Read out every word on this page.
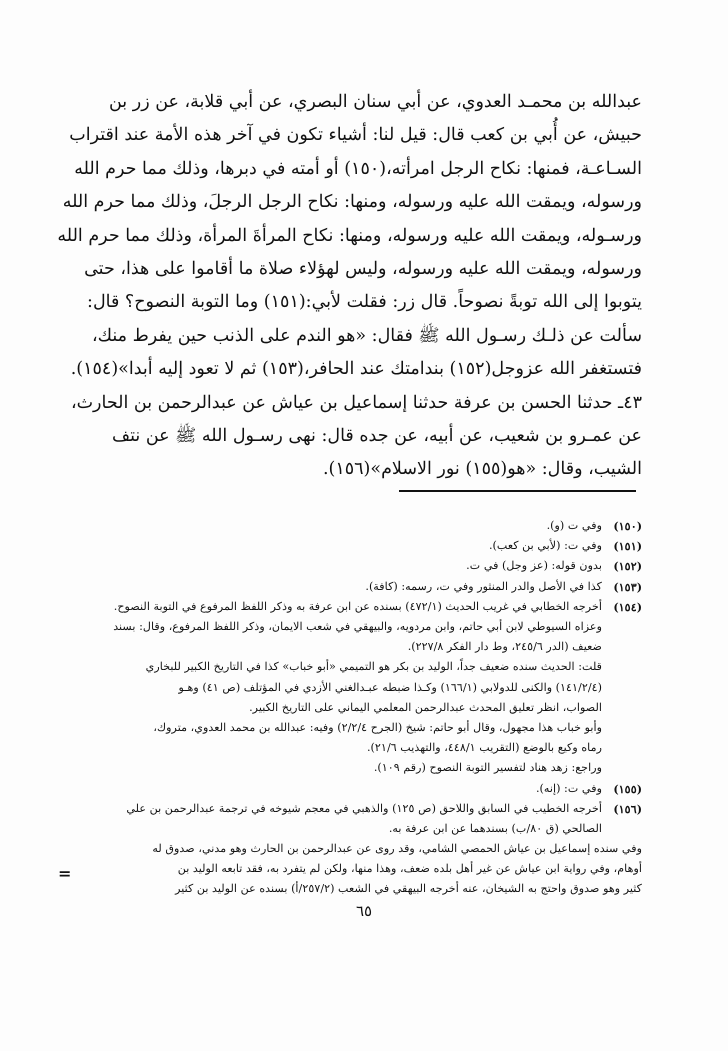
عبدالله بن محمـد العدوي، عن أبي سنان البصري، عن أبي قلابة، عن زر بن
حبيش، عن أُبي بن كعب قال: قيل لنا: أشياء تكون في آخر هذه الأمة عند اقتراب
السـاعـة، فمنها: نكاح الرجل امرأته،(١٥٠) أو أمته في دبرها، وذلك مما حرم الله
ورسوله، ويمقت الله عليه ورسوله، ومنها: نكاح الرجل الرجلَ، وذلك مما حرم الله
ورسـوله، ويمقت الله عليه ورسوله، ومنها: نكاح المرأةَ المرأة، وذلك مما حرم الله
ورسوله، ويمقت الله عليه ورسوله، وليس لهؤلاء صلاة ما أقاموا على هذا، حتى
يتوبوا إلى الله توبةً نصوحاً. قال زر: فقلت لأبي:(١٥١) وما التوبة النصوح؟ قال:
سألت عن ذلـك رسـول الله ﷺ فقال: «هو الندم على الذنب حين يفرط منك،
فتستغفر الله عزوجل(١٥٢) بندامتك عند الحافر،(١٥٣) ثم لا تعود إليه أبدا»(١٥٤).
٤٣ـ حدثنا الحسن بن عرفة حدثنا إسماعيل بن عياش عن عبدالرحمن بن الحارث،
عن عمـرو بن شعيب، عن أبيه، عن جده قال: نهى رسـول الله ﷺ عن نتف
الشيب، وقال: «هو(١٥٥) نور الاسلام»(١٥٦).
(١٥٠)
وفي ت (و).
(١٥١)
وفي ت: (لأبي بن كعب).
(١٥٢)
بدون قوله: (عز وجل) في ت.
(١٥٣)
كذا في الأصل والدر المنثور وفي ت، رسمه: (كافة).
(١٥٤)
أخرجه الخطابي في غريب الحديث (٤٧٢/١) بسنده عن ابن عرفة به وذكر اللفظ المرفوع في التوبة النصوح.
وعزاه السيوطي لابن أبي حاتم، وابن مردويه، والبيهقي في شعب الايمان، وذكر اللفظ المرفوع، وقال: بسند
ضعيف (الدر ٢٤٥/٦، وط دار الفكر ٢٢٧/٨).
قلت: الحديث سنده ضعيف جداً، الوليد بن بكر هو التميمي «أبو خباب» كذا في التاريخ الكبير للبخاري
(١٤١/٢/٤) والكنى للدولابي (١٦٦/١) وكـذا ضبطه عبـدالغني الأزدي في المؤتلف (ص ٤١) وهـو
الصواب، انظر تعليق المحدث عبدالرحمن المعلمي اليماني على التاريخ الكبير.
وأبو خباب هذا مجهول، وقال أبو حاتم: شيخ (الجرح ٢/٢/٤) وفيه: عبدالله بن محمد العدوي، متروك،
رماه وكيع بالوضع (التقريب ٤٤٨/١، والتهذيب ٢١/٦).
وراجع: زهد هناد لتفسير التوبة النصوح (رقم ١٠٩).
(١٥٥)
وفي ت: (إنه).
(١٥٦)
أخرجه الخطيب في السابق واللاحق (ص ١٢٥) والذهبي في معجم شيوخه في ترجمة عبدالرحمن بن علي
الصالحي (ق ٨٠/ب) بسندهما عن ابن عرفة به.
وفي سنده إسماعيل بن عياش الحمصي الشامي، وقد روى عن عبدالرحمن بن الحارث وهو مدني، صدوق له
أوهام، وفي رواية ابن عياش عن غير أهل بلده ضعف، وهذا منها، ولكن لم يتفرد به، فقد تابعه الوليد بن
كثير وهو صدوق واحتج به الشيخان، عنه أخرجه البيهقي في الشعب (٢٥٧/٢/أ) بسنده عن الوليد بن كثير
=
٦٥
